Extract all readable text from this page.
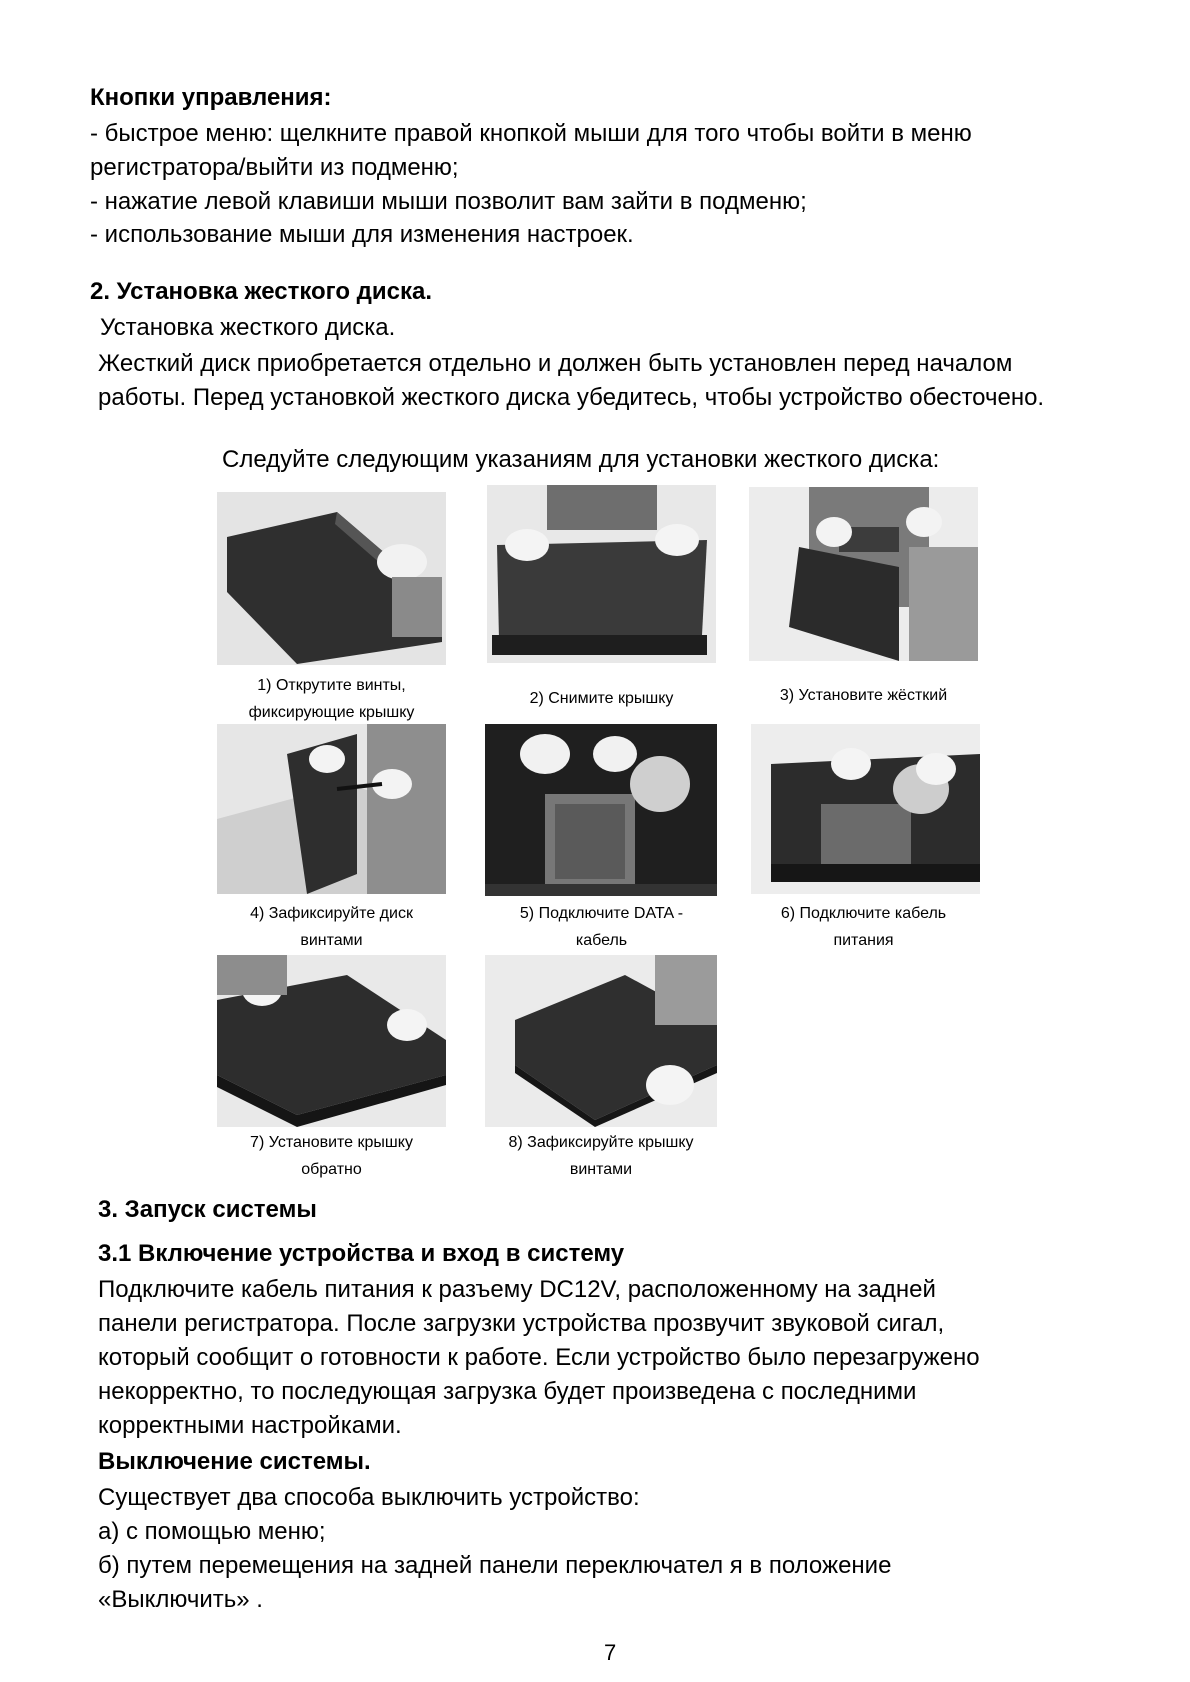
Кнопки управления:
- быстрое меню: щелкните правой кнопкой мыши для того чтобы войти в меню
регистратора/выйти из подменю;
- нажатие левой клавиши мыши позволит вам зайти в подменю;
- использование мыши для изменения настроек.
2. Установка жесткого диска.
Установка жесткого диска.
Жесткий диск приобретается отдельно и должен быть установлен перед началом
работы. Перед установкой жесткого диска убедитесь, чтобы устройство обесточено.
Следуйте следующим указаниям для установки жесткого диска:
1) Открутите винты,
фиксирующие крышку
2) Снимите крышку	3) Установите жёсткий
4) Зафиксируйте диск
винтами
5) Подключите DATA -
кабель
6) Подключите кабель
питания
7) Установите крышку
обратно
8) Зафиксируйте крышку
винтами
3. Запуск системы
3.1 Включение устройства и вход в систему
Подключите кабель питания к разъему DC12V, расположенному на задней
панели регистратора. После загрузки устройства прозвучит звуковой сигал,
который сообщит о готовности к работе. Если устройство было перезагружено
некорректно, то последующая загрузка будет произведена с последними
корректными настройками.
Выключение системы.
Существует два способа выключить устройство:
а) с помощью меню;
б) путем перемещения на задней панели переключател я в положение
«Выключить» .
7
